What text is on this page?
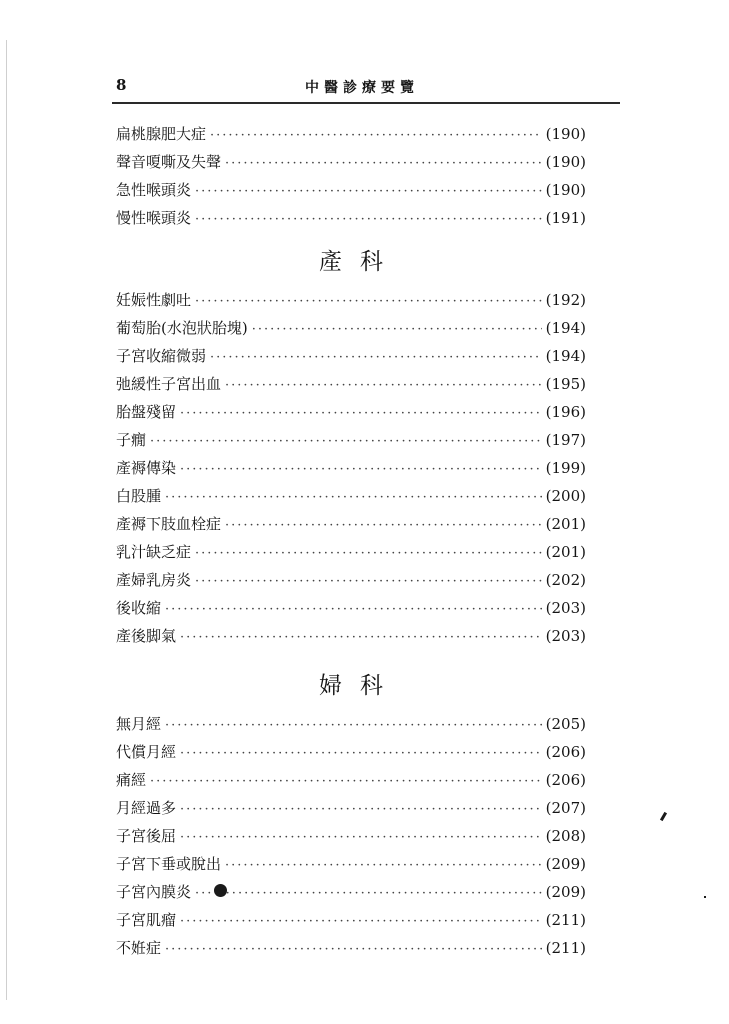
8	中醫診療要覽
扁桃腺肥大症 ·····	(190)
聲音嗄嘶及失聲 ·····	(190)
急性喉頭炎 ·····	(190)
慢性喉頭炎 ·····	(191)
產科
妊娠性劇吐 ·····	(192)
葡萄胎(水泡狀胎塊) ·····	(194)
子宮收縮微弱 ·····	(194)
弛緩性子宮出血 ·····	(195)
胎盤殘留 ·····	(196)
子癇 ·····	(197)
產褥傳染 ·····	(199)
白股腫 ·····	(200)
產褥下肢血栓症 ·····	(201)
乳汁缺乏症 ·····	(201)
產婦乳房炎 ·····	(202)
後收縮 ·····	(203)
產後脚氣 ·····	(203)
婦科
無月經 ·····	(205)
代償月經 ·····	(206)
痛經 ·····	(206)
月經過多 ·····	(207)
子宮後屈 ·····	(208)
子宮下垂或脫出 ·····	(209)
子宮內膜炎 ·····	(209)
子宮肌瘤 ·····	(211)
不姙症 ·····	(211)
